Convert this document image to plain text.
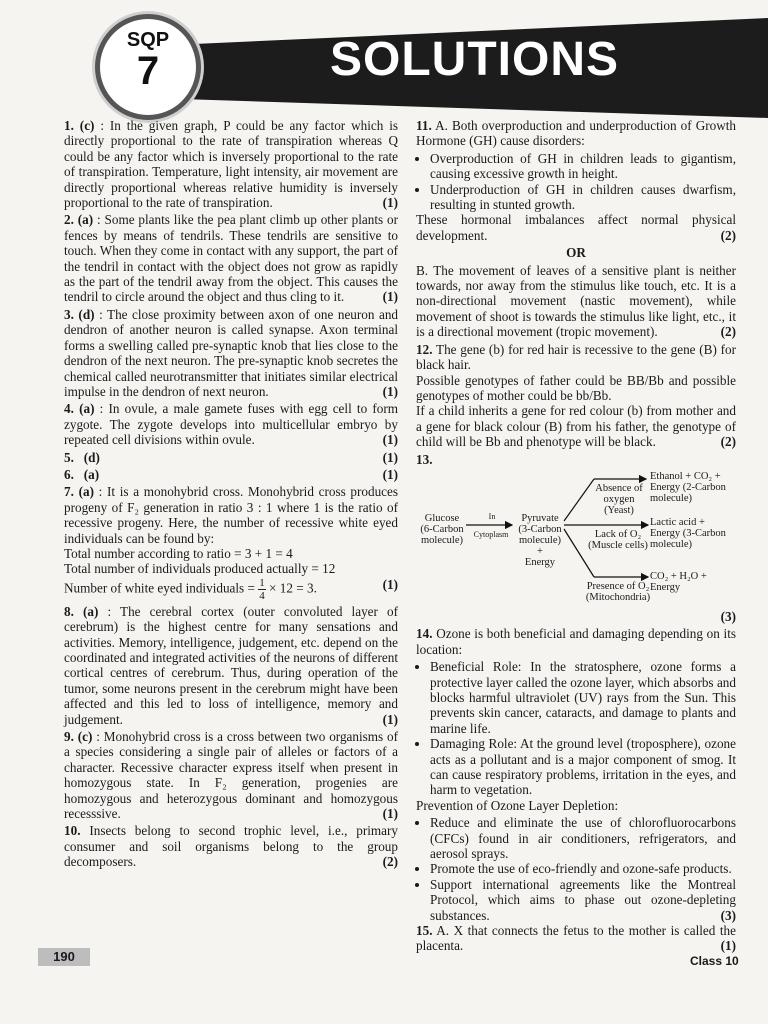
SOLUTIONS
SQP
7

1. (c) : In the given graph, P could be any factor which is directly proportional to the rate of transpiration whereas Q could be any factor which is inversely proportional to the rate of transpiration. Temperature, light intensity, air movement are directly proportional whereas relative humidity is inversely proportional to the rate of transpiration.	(1)

2. (a) : Some plants like the pea plant climb up other plants or fences by means of tendrils. These tendrils are sensitive to touch. When they come in contact with any support, the part of the tendril in contact with the object does not grow as rapidly as the part of the tendril away from the object. This causes the tendril to circle around the object and thus cling to it.	(1)

3. (d) : The close proximity between axon of one neuron and dendron of another neuron is called synapse. Axon terminal forms a swelling called pre-synaptic knob that lies close to the dendron of the next neuron. The pre-synaptic knob secretes the chemical called neurotransmitter that initiates similar electrical impulse in the dendron of next neuron.	(1)

4. (a) : In ovule, a male gamete fuses with egg cell to form zygote. The zygote develops into multicellular embryo by repeated cell divisions within ovule.	(1)

5. (d)	(1)

6. (a)	(1)

7. (a) : It is a monohybrid cross. Monohybrid cross produces progeny of F₂ generation in ratio 3 : 1 where 1 is the ratio of recessive progeny. Here, the number of recessive white eyed individuals can be found by:
Total number according to ratio = 3 + 1 = 4
Total number of individuals produced actually = 12
Number of white eyed individuals = $\frac{1}{4} \times 12 = 3$.	(1)

8. (a) : The cerebral cortex (outer convoluted layer of cerebrum) is the highest centre for many sensations and activities. Memory, intelligence, judgement, etc. depend on the coordinated and integrated activities of the neurons of different cortical centres of cerebrum. Thus, during operation of the tumor, some neurons present in the cerebrum might have been affected and this led to loss of intelligence, memory and judgement.	(1)

9. (c) : Monohybrid cross is a cross between two organisms of a species considering a single pair of alleles or factors of a character. Recessive character express itself when present in homozygous state. In F₂ generation, progenies are homozygous and heterozygous dominant and homozygous recesssive.	(1)

10. Insects belong to second trophic level, i.e., primary consumer and soil organisms belong to the group decomposers.	(2)

11. A. Both overproduction and underproduction of Growth Hormone (GH) cause disorders:

• Overproduction of GH in children leads to gigantism, causing excessive growth in height.
• Underproduction of GH in children causes dwarfism, resulting in stunted growth.

These hormonal imbalances affect normal physical development.	(2)

OR

B. The movement of leaves of a sensitive plant is neither towards, nor away from the stimulus like touch, etc. It is a non-directional movement (nastic movement), while movement of shoot is towards the stimulus like light, etc., it is a directional movement (tropic movement).	(2)

12. The gene (b) for red hair is recessive to the gene (B) for black hair.
Possible genotypes of father could be BB/Bb and possible genotypes of mother could be bb/Bb.
If a child inherits a gene for red colour (b) from mother and a gene for black colour (B) from his father, the genotype of child will be Bb and phenotype will be black.	(2)

13.

Glucose
(6-Carbon molecule)
In
Cytoplasm
Pyruvate
(3-Carbon molecule)
+
Energy
Absence of oxygen (Yeast)
Ethanol + CO₂ + Energy (2-Carbon molecule)
Lack of O₂ (Muscle cells)
Lactic acid + Energy (3-Carbon molecule)
Presence of O₂ (Mitochondria)
CO₂ + H₂O + Energy

(3)

14. Ozone is both beneficial and damaging depending on its location:

• Beneficial Role: In the stratosphere, ozone forms a protective layer called the ozone layer, which absorbs and blocks harmful ultraviolet (UV) rays from the Sun. This prevents skin cancer, cataracts, and damage to plants and marine life.
• Damaging Role: At the ground level (troposphere), ozone acts as a pollutant and is a major component of smog. It can cause respiratory problems, irritation in the eyes, and harm to vegetation.

Prevention of Ozone Layer Depletion:

• Reduce and eliminate the use of chlorofluorocarbons (CFCs) found in air conditioners, refrigerators, and aerosol sprays.
• Promote the use of eco-friendly and ozone-safe products.
• Support international agreements like the Montreal Protocol, which aims to phase out ozone-depleting substances.	(3)

15. A. X that connects the fetus to the mother is called the placenta.	(1)

190	Class 10
